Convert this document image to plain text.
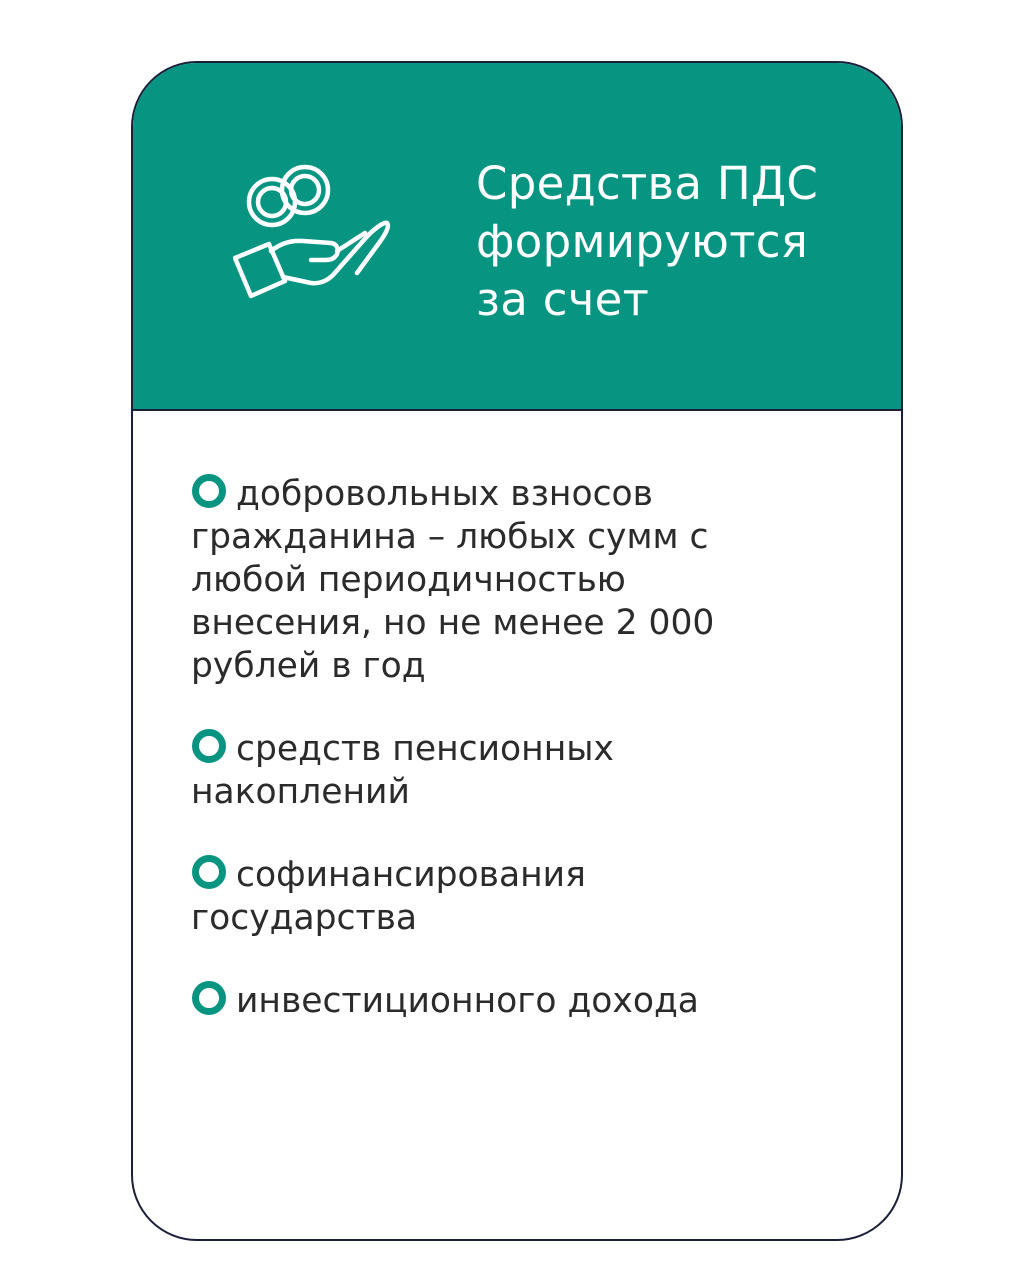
Средства ПДС
формируются
за счет
добровольных взносов
гражданина – любых сумм с
любой периодичностью
внесения, но не менее 2 000
рублей в год
средств пенсионных
накоплений
софинансирования
государства
инвестиционного дохода
